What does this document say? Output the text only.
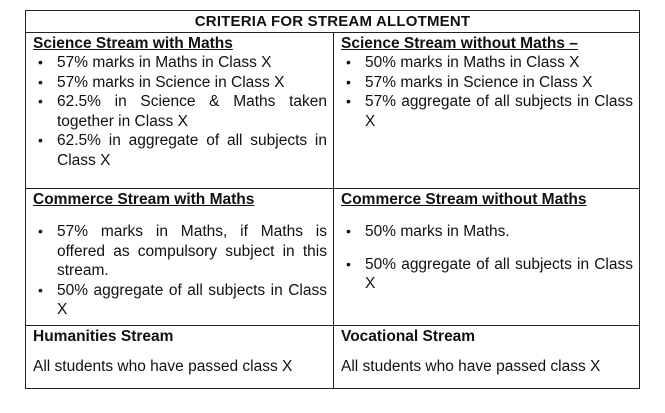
CRITERIA FOR STREAM ALLOTMENT
Science Stream with Maths
• 57% marks in Maths in Class X
• 57% marks in Science in Class X
• 62.5% in Science & Maths taken together in Class X
• 62.5% in aggregate of all subjects in Class X
Science Stream without Maths –
• 50% marks in Maths in Class X
• 57% marks in Science in Class X
• 57% aggregate of all subjects in Class X
Commerce Stream with Maths
• 57% marks in Maths, if Maths is offered as compulsory subject in this stream.
• 50% aggregate of all subjects in Class X
Commerce Stream without Maths
• 50% marks in Maths.
• 50% aggregate of all subjects in Class X
Humanities Stream
All students who have passed class X
Vocational Stream
All students who have passed class X
